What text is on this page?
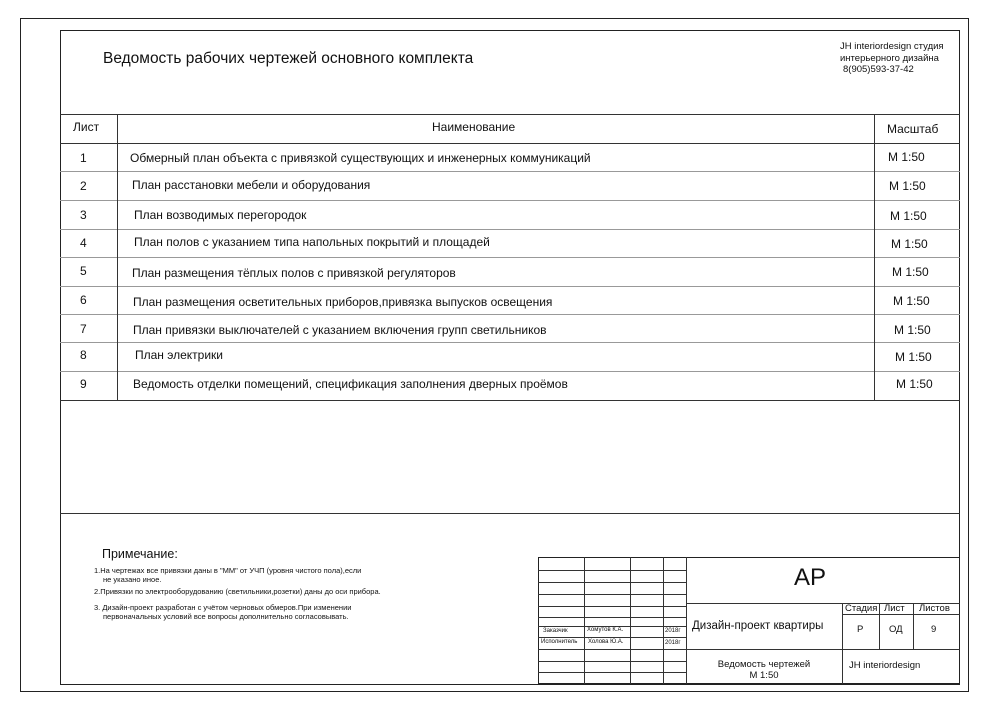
Ведомость рабочих чертежей основного комплекта
JH interiordesign студия
интерьерного дизайна
8(905)593-37-42
Лист	Наименование	Масштаб
1	Обмерный план объекта с привязкой существующих и инженерных коммуникаций	М 1:50
2	План расстановки мебели и оборудования	М 1:50
3	План возводимых перегородок	М 1:50
4	План полов с указанием типа напольных покрытий и площадей	М 1:50
5	План размещения тёплых полов с привязкой регуляторов	М 1:50
6	План размещения осветительных приборов,привязка выпусков освещения	М 1:50
7	План привязки выключателей с указанием включения групп светильников	М 1:50
8	План электрики	М 1:50
9	Ведомость отделки помещений, спецификация заполнения дверных проёмов	М 1:50
Примечание:
1.На чертежах все привязки даны в "ММ" от УЧП (уровня чистого пола),если
не указано иное.
2.Привязки по электрооборудованию (светильники,розетки) даны до оси прибора.
3. Дизайн-проект разработан с учётом черновых обмеров.При изменении
первоначальных условий все вопросы дополнительно согласовывать.
Заказчик	Хомутов К.А.	2018г
Исполнитель Холова Ю.А.	2018г
АР
Дизайн-проект квартиры
Стадия Лист Листов
Р	ОД	9
Ведомость чертежей
М 1:50
JH interiordesign
